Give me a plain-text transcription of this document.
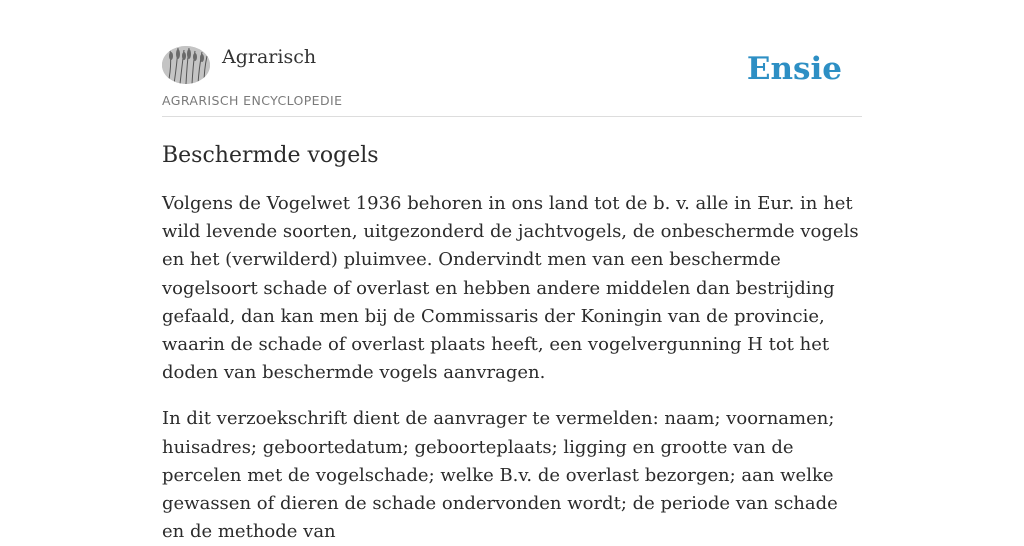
Agrarisch
AGRARISCH ENCYCLOPEDIE
Ensie
Beschermde vogels

Volgens de Vogelwet 1936 behoren in ons land tot de b. v. alle in Eur. in het wild levende soorten, uitgezonderd de jachtvogels, de onbeschermde vogels en het (verwilderd) pluimvee. Ondervindt men van een beschermde vogelsoort schade of overlast en hebben andere middelen dan bestrijding gefaald, dan kan men bij de Commissaris der Koningin van de provincie, waarin de schade of overlast plaats heeft, een vogelvergunning H tot het doden van beschermde vogels aanvragen.

In dit verzoekschrift dient de aanvrager te vermelden: naam; voornamen; huisadres; geboortedatum; geboorteplaats; ligging en grootte van de percelen met de vogelschade; welke B.v. de overlast bezorgen; aan welke gewassen of dieren de schade ondervonden wordt; de periode van schade en de methode van
